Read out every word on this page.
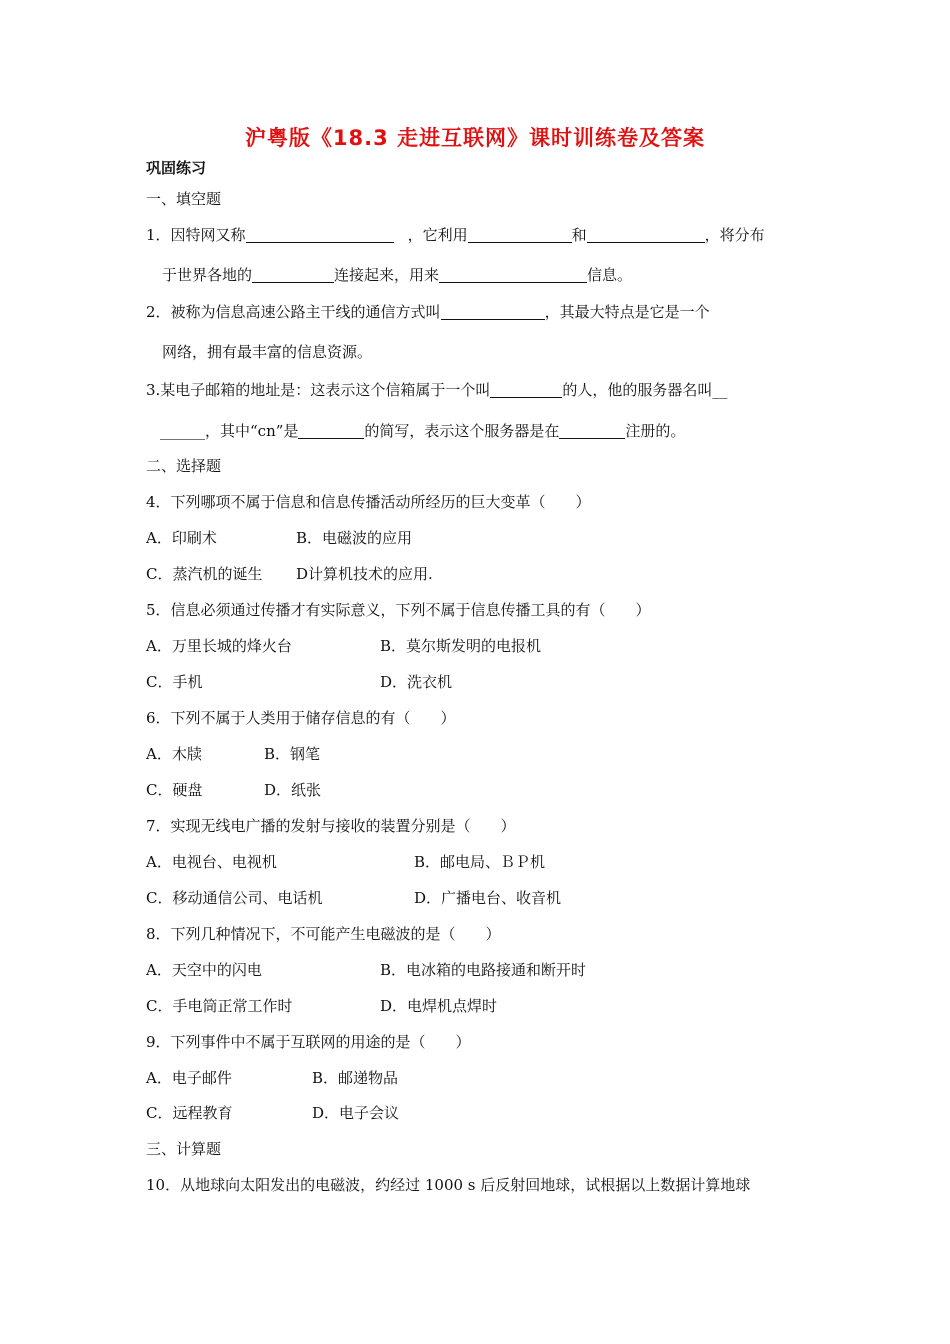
沪粤版《18.3 走进互联网》课时训练卷及答案
巩固练习
一、填空题
1．因特网又称	，它利用	和	，将分布
于世界各地的	连接起来，用来	信息。
2．被称为信息高速公路主干线的通信方式叫	，其最大特点是它是一个
网络，拥有最丰富的信息资源。
3.某电子邮箱的地址是：这表示这个信箱属于一个叫	的人，他的服务器名叫__
______，其中“cn”是	的简写，表示这个服务器是在	注册的。
二、选择题
4．下列哪项不属于信息和信息传播活动所经历的巨大变革（　　）
A．印刷术	B．电磁波的应用
C．蒸汽机的诞生 D计算机技术的应用.
5．信息必须通过传播才有实际意义，下列不属于信息传播工具的有（　　）
A．万里长城的烽火台	B．莫尔斯发明的电报机
C．手机	D．洗衣机
6．下列不属于人类用于储存信息的有（　　）
A．木牍	B．钢笔
C．硬盘	D．纸张
7．实现无线电广播的发射与接收的装置分别是（　　）
A．电视台、电视机	B．邮电局、ＢＰ机
C．移动通信公司、电话机	D．广播电台、收音机
8．下列几种情况下，不可能产生电磁波的是（　　）
A．天空中的闪电	B．电冰箱的电路接通和断开时
C．手电筒正常工作时	D．电焊机点焊时
9．下列事件中不属于互联网的用途的是（　　）
A．电子邮件	B．邮递物品
C．远程教育	D．电子会议
三、计算题
10．从地球向太阳发出的电磁波，约经过 1000 s 后反射回地球，试根据以上数据计算地球
